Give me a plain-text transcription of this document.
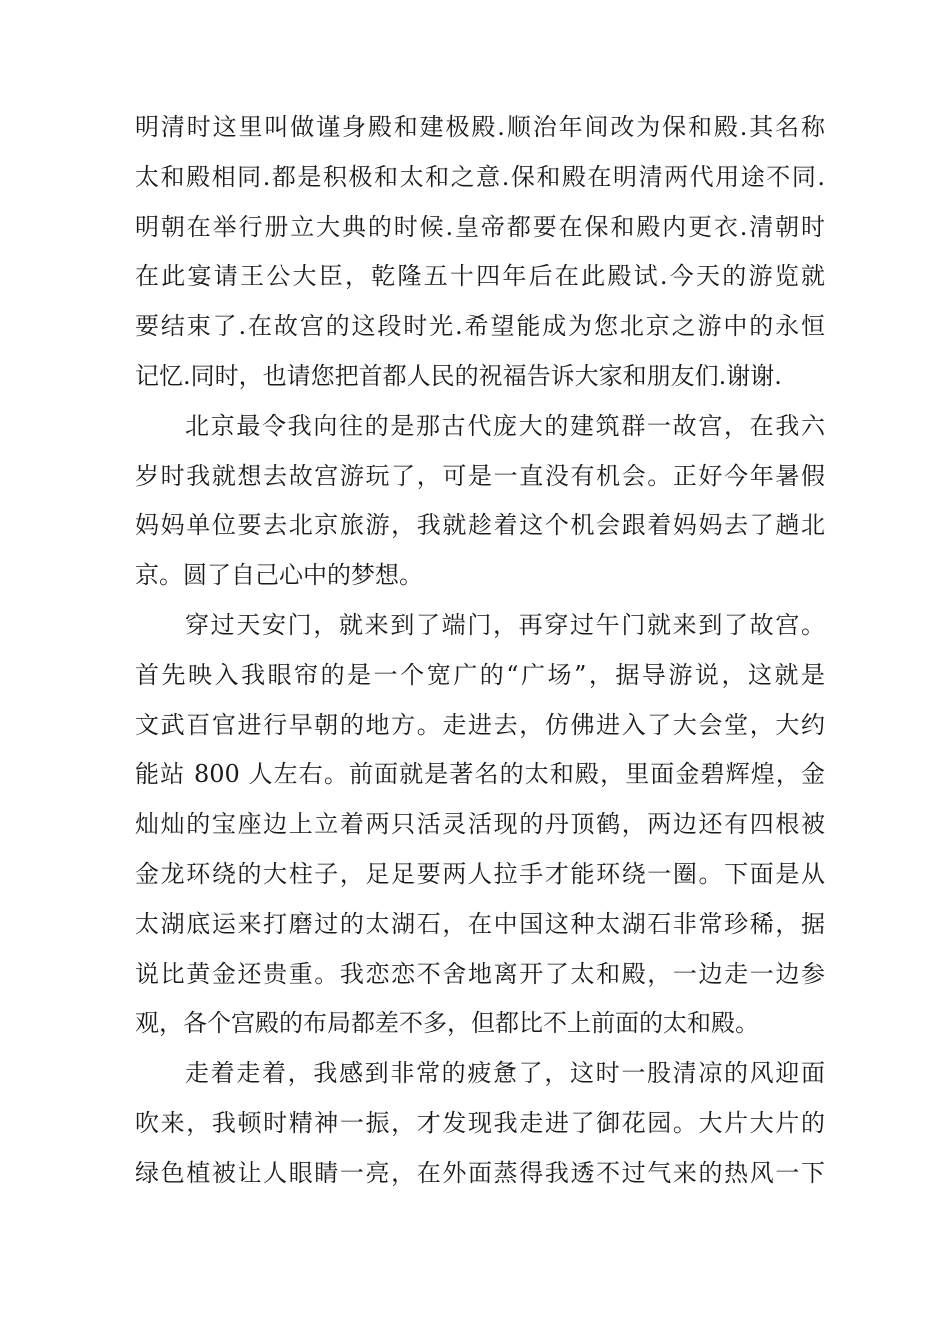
明清时这里叫做谨身殿和建极殿.顺治年间改为保和殿.其名称
太和殿相同.都是积极和太和之意.保和殿在明清两代用途不同.
明朝在举行册立大典的时候.皇帝都要在保和殿内更衣.清朝时
在此宴请王公大臣，乾隆五十四年后在此殿试.今天的游览就
要结束了.在故宫的这段时光.希望能成为您北京之游中的永恒
记忆.同时，也请您把首都人民的祝福告诉大家和朋友们.谢谢.
北京最令我向往的是那古代庞大的建筑群一故宫，在我六
岁时我就想去故宫游玩了，可是一直没有机会。正好今年暑假
妈妈单位要去北京旅游，我就趁着这个机会跟着妈妈去了趟北
京。圆了自己心中的梦想。
穿过天安门，就来到了端门，再穿过午门就来到了故宫。
首先映入我眼帘的是一个宽广的“广场”，据导游说，这就是
文武百官进行早朝的地方。走进去，仿佛进入了大会堂，大约
能站 800 人左右。前面就是著名的太和殿，里面金碧辉煌，金
灿灿的宝座边上立着两只活灵活现的丹顶鹤，两边还有四根被
金龙环绕的大柱子，足足要两人拉手才能环绕一圈。下面是从
太湖底运来打磨过的太湖石，在中国这种太湖石非常珍稀，据
说比黄金还贵重。我恋恋不舍地离开了太和殿，一边走一边参
观，各个宫殿的布局都差不多，但都比不上前面的太和殿。
走着走着，我感到非常的疲惫了，这时一股清凉的风迎面
吹来，我顿时精神一振，才发现我走进了御花园。大片大片的
绿色植被让人眼睛一亮，在外面蒸得我透不过气来的热风一下
